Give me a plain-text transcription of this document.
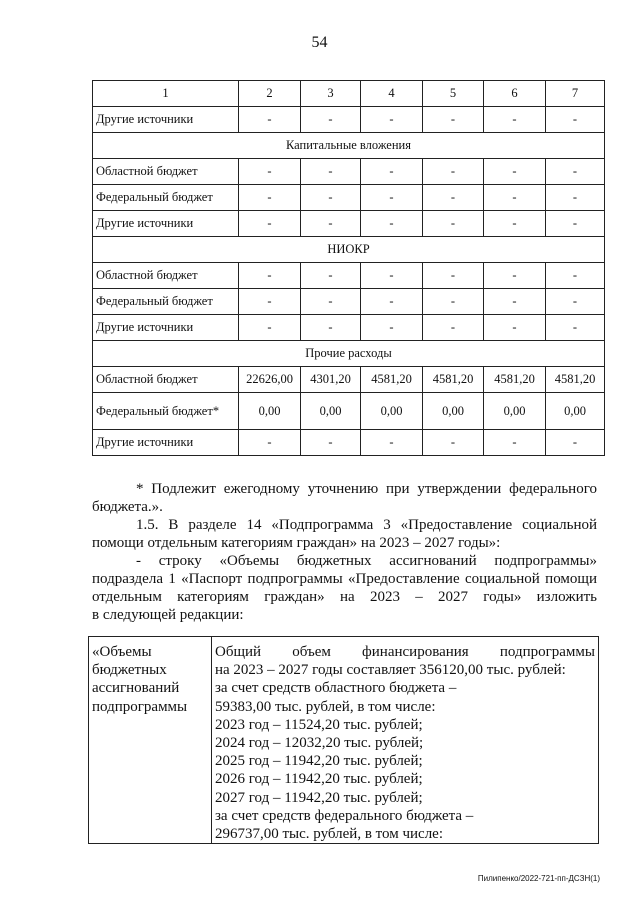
54
1	2	3	4	5	6	7
Другие источники	-	-	-	-	-	-
Капитальные вложения						
Областной бюджет	-	-	-	-	-	-
Федеральный бюджет	-	-	-	-	-	-
Другие источники	-	-	-	-	-	-
НИОКР						
Областной бюджет	-	-	-	-	-	-
Федеральный бюджет	-	-	-	-	-	-
Другие источники	-	-	-	-	-	-
Прочие расходы						
Областной бюджет	22626,00	4301,20	4581,20	4581,20	4581,20	4581,20
Федеральный бюджет*	0,00	0,00	0,00	0,00	0,00	0,00
Другие источники	-	-	-	-	-	-
* Подлежит ежегодному уточнению при утверждении федерального
бюджета.».
1.5. В разделе 14 «Подпрограмма 3 «Предоставление социальной
помощи отдельным категориям граждан» на 2023 – 2027 годы»:
- строку «Объемы бюджетных ассигнований подпрограммы»
подраздела 1 «Паспорт подпрограммы «Предоставление социальной помощи
отдельным категориям граждан» на 2023 – 2027 годы» изложить
в следующей редакции:
«Объемы
бюджетных
ассигнований
подпрограммы

Общий объем финансирования подпрограммы
на 2023 – 2027 годы составляет 356120,00 тыс. рублей:
за счет средств областного бюджета –
59383,00 тыс. рублей, в том числе:
2023 год – 11524,20 тыс. рублей;
2024 год – 12032,20 тыс. рублей;
2025 год – 11942,20 тыс. рублей;
2026 год – 11942,20 тыс. рублей;
2027 год – 11942,20 тыс. рублей;
за счет средств федерального бюджета –
296737,00 тыс. рублей, в том числе:
Пилипенко/2022-721-пп-ДСЗН(1)
